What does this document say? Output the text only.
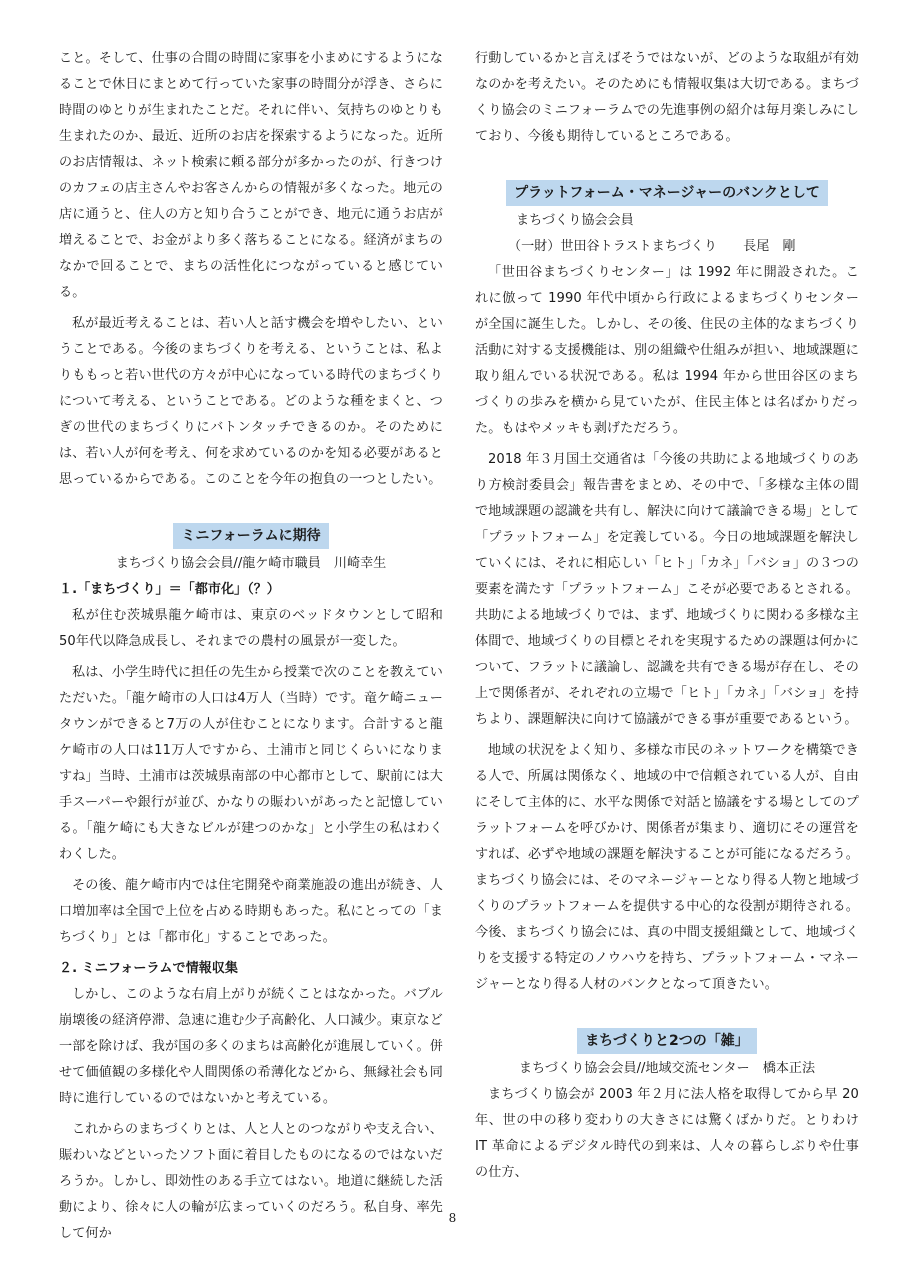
こと。そして、仕事の合間の時間に家事を小まめにするようになることで休日にまとめて行っていた家事の時間分が浮き、さらに時間のゆとりが生まれたことだ。それに伴い、気持ちのゆとりも生まれたのか、最近、近所のお店を探索するようになった。近所のお店情報は、ネット検索に頼る部分が多かったのが、行きつけのカフェの店主さんやお客さんからの情報が多くなった。地元の店に通うと、住人の方と知り合うことができ、地元に通うお店が増えることで、お金がより多く落ちることになる。経済がまちのなかで回ることで、まちの活性化につながっていると感じている。

私が最近考えることは、若い人と話す機会を増やしたい、ということである。今後のまちづくりを考える、ということは、私よりももっと若い世代の方々が中心になっている時代のまちづくりについて考える、ということである。どのような種をまくと、つぎの世代のまちづくりにバトンタッチできるのか。そのためには、若い人が何を考え、何を求めているのかを知る必要があると思っているからである。このことを今年の抱負の一つとしたい。

ミニフォーラムに期待

まちづくり協会会員//龍ケ崎市職員　川崎幸生

１.「まちづくり」＝「都市化」（？）

私が住む茨城県龍ケ崎市は、東京のベッドタウンとして昭和50年代以降急成長し、それまでの農村の風景が一変した。

私は、小学生時代に担任の先生から授業で次のことを教えていただいた。「龍ケ崎市の人口は4万人（当時）です。竜ケ崎ニュータウンができると7万の人が住むことになります。合計すると龍ケ崎市の人口は11万人ですから、土浦市と同じくらいになりますね」当時、土浦市は茨城県南部の中心都市として、駅前には大手スーパーや銀行が並び、かなりの賑わいがあったと記憶している。「龍ケ崎にも大きなビルが建つのかな」と小学生の私はわくわくした。

その後、龍ケ崎市内では住宅開発や商業施設の進出が続き、人口増加率は全国で上位を占める時期もあった。私にとっての「まちづくり」とは「都市化」することであった。

２. ミニフォーラムで情報収集

しかし、このような右肩上がりが続くことはなかった。バブル崩壊後の経済停滞、急速に進む少子高齢化、人口減少。東京など一部を除けば、我が国の多くのまちは高齢化が進展していく。併せて価値観の多様化や人間関係の希薄化などから、無縁社会も同時に進行しているのではないかと考えている。

これからのまちづくりとは、人と人とのつながりや支え合い、賑わいなどといったソフト面に着目したものになるのではないだろうか。しかし、即効性のある手立てはない。地道に継続した活動により、徐々に人の輪が広まっていくのだろう。私自身、率先して何か

行動しているかと言えばそうではないが、どのような取組が有効なのかを考えたい。そのためにも情報収集は大切である。まちづくり協会のミニフォーラムでの先進事例の紹介は毎月楽しみにしており、今後も期待しているところである。

プラットフォーム・マネージャーのバンクとして

まちづくり協会会員

（一財）世田谷トラストまちづくり　　長尾　剛

「世田谷まちづくりセンター」は 1992 年に開設された。これに倣って 1990 年代中頃から行政によるまちづくりセンターが全国に誕生した。しかし、その後、住民の主体的なまちづくり活動に対する支援機能は、別の組織や仕組みが担い、地域課題に取り組んでいる状況である。私は 1994 年から世田谷区のまちづくりの歩みを横から見ていたが、住民主体とは名ばかりだった。もはやメッキも剥げただろう。

2018 年３月国土交通省は「今後の共助による地域づくりのあり方検討委員会」報告書をまとめ、その中で、「多様な主体の間で地域課題の認識を共有し、解決に向けて議論できる場」として「プラットフォーム」を定義している。今日の地域課題を解決していくには、それに相応しい「ヒト」「カネ」「バショ」の３つの要素を満たす「プラットフォーム」こそが必要であるとされる。共助による地域づくりでは、まず、地域づくりに関わる多様な主体間で、地域づくりの目標とそれを実現するための課題は何かについて、フラットに議論し、認識を共有できる場が存在し、その上で関係者が、それぞれの立場で「ヒト」「カネ」「バショ」を持ちより、課題解決に向けて協議ができる事が重要であるという。

地域の状況をよく知り、多様な市民のネットワークを構築できる人で、所属は関係なく、地域の中で信頼されている人が、自由にそして主体的に、水平な関係で対話と協議をする場としてのプラットフォームを呼びかけ、関係者が集まり、適切にその運営をすれば、必ずや地域の課題を解決することが可能になるだろう。まちづくり協会には、そのマネージャーとなり得る人物と地域づくりのプラットフォームを提供する中心的な役割が期待される。今後、まちづくり協会には、真の中間支援組織として、地域づくりを支援する特定のノウハウを持ち、プラットフォーム・マネージャーとなり得る人材のバンクとなって頂きたい。

まちづくりと2つの「雑」

まちづくり協会会員//地域交流センター　橋本正法

まちづくり協会が 2003 年２月に法人格を取得してから早 20 年、世の中の移り変わりの大きさには驚くばかりだ。とりわけ IT 革命によるデジタル時代の到来は、人々の暮らしぶりや仕事の仕方、

8
